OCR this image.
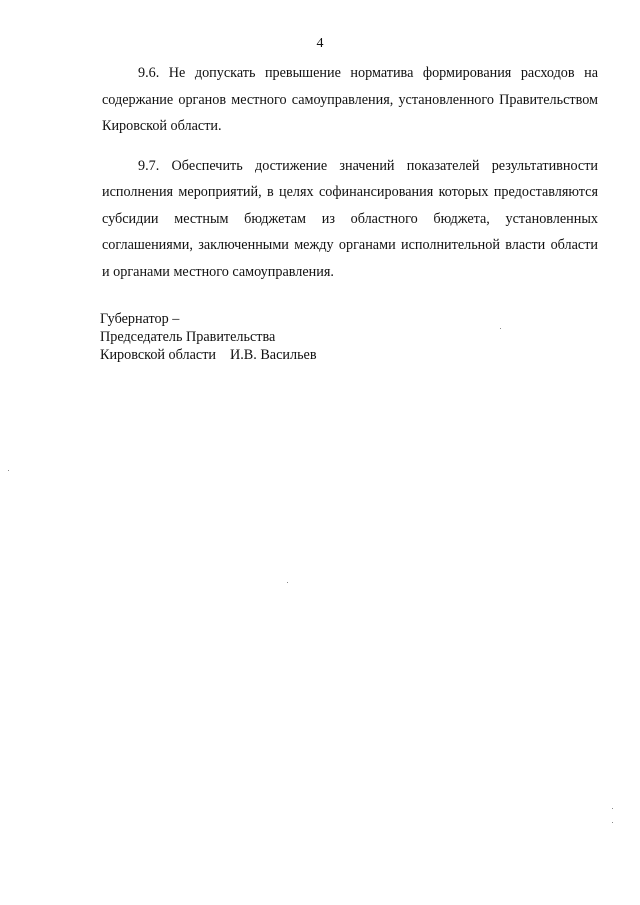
4

9.6. Не допускать превышение норматива формирования расходов на содержание органов местного самоуправления, установленного Правительством Кировской области.

9.7. Обеспечить достижение значений показателей результативности исполнения мероприятий, в целях софинансирования которых предоставляются субсидии местным бюджетам из областного бюджета, установленных соглашениями, заключенными между органами исполнительной власти области и органами местного самоуправления.

Губернатор –
Председатель Правительства
Кировской области И.В. Васильев
